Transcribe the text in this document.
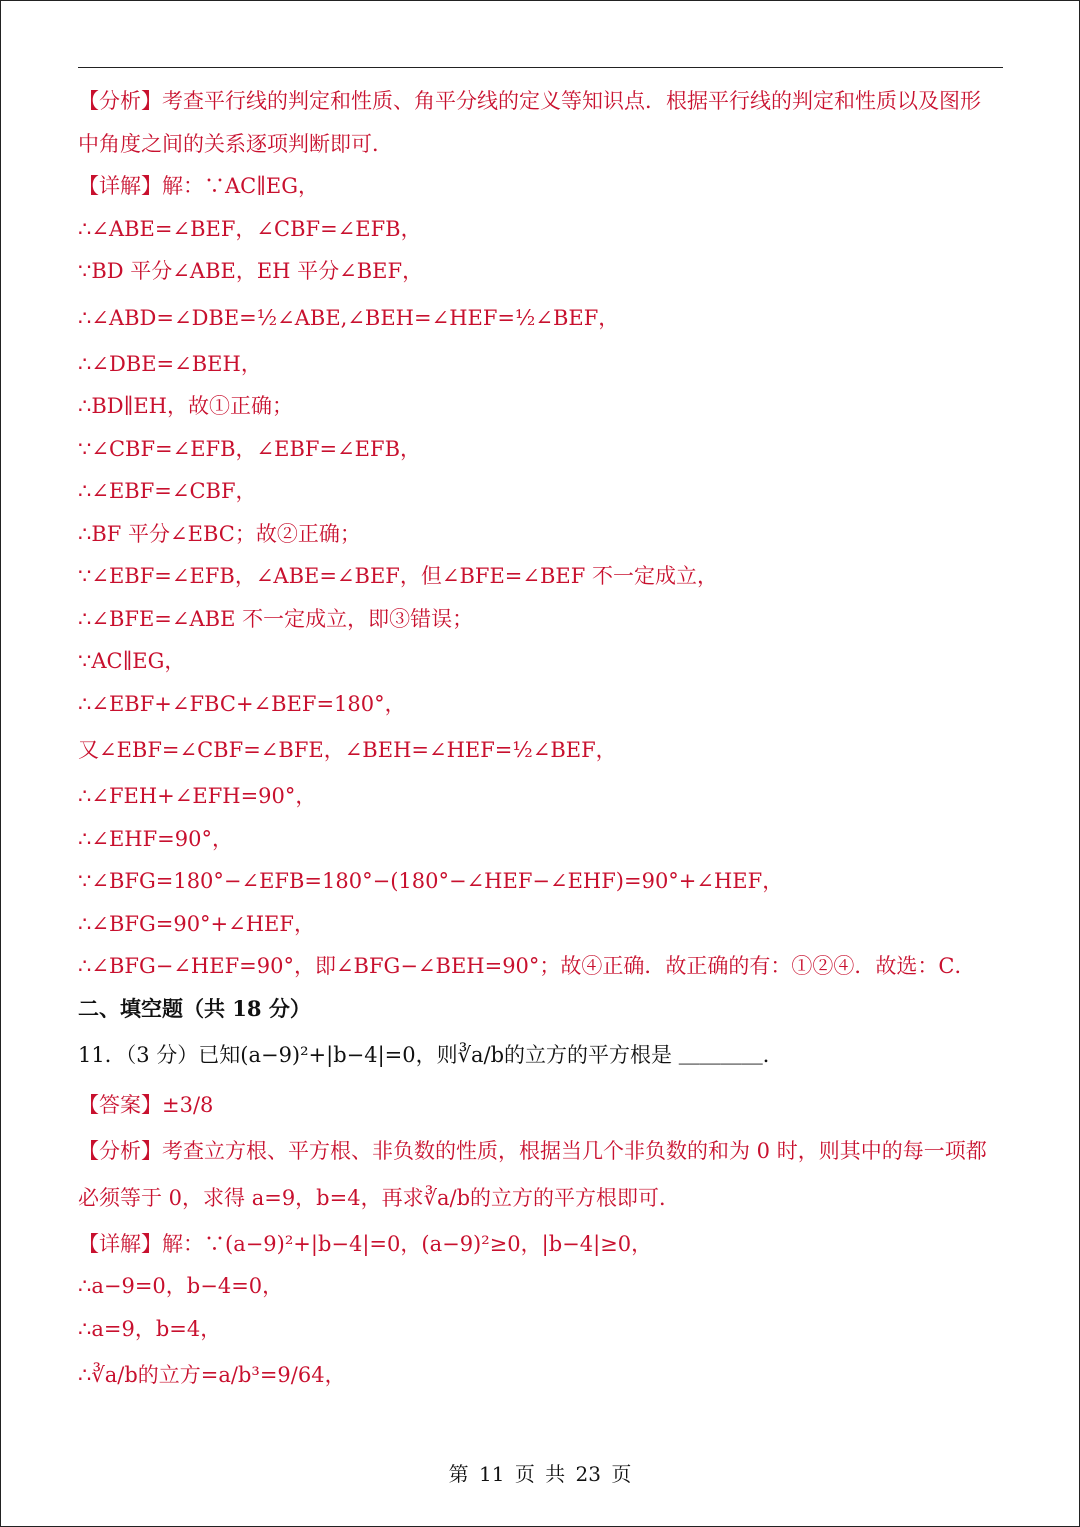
【分析】考查平行线的判定和性质、角平分线的定义等知识点．根据平行线的判定和性质以及图形
中角度之间的关系逐项判断即可．
【详解】解：∵AC∥EG，
∴∠ABE=∠BEF，∠CBF=∠EFB，
∵BD 平分∠ABE，EH 平分∠BEF，
∴∠ABD=∠DBE=½∠ABE,∠BEH=∠HEF=½∠BEF，
∴∠DBE=∠BEH，
∴BD∥EH，故①正确；
∵∠CBF=∠EFB，∠EBF=∠EFB，
∴∠EBF=∠CBF，
∴BF 平分∠EBC；故②正确；
∵∠EBF=∠EFB，∠ABE=∠BEF，但∠BFE=∠BEF 不一定成立，
∴∠BFE=∠ABE 不一定成立，即③错误；
∵AC∥EG，
∴∠EBF+∠FBC+∠BEF=180°，
又∠EBF=∠CBF=∠BFE，∠BEH=∠HEF=½∠BEF，
∴∠FEH+∠EFH=90°，
∴∠EHF=90°，
∵∠BFG=180°−∠EFB=180°−(180°−∠HEF−∠EHF)=90°+∠HEF，
∴∠BFG=90°+∠HEF，
∴∠BFG−∠HEF=90°，即∠BFG−∠BEH=90°；故④正确．故正确的有：①②④．故选：C．
二、填空题（共 18 分）
11．（3 分）已知(a−9)²+|b−4|=0，则∛a/b的立方的平方根是 ＿＿＿＿．
【答案】±3/8
【分析】考查立方根、平方根、非负数的性质，根据当几个非负数的和为 0 时，则其中的每一项都
必须等于 0，求得 a=9，b=4，再求∛a/b的立方的平方根即可．
【详解】解：∵(a−9)²+|b−4|=0，(a−9)²≥0，|b−4|≥0，
∴a−9=0，b−4=0，
∴a=9，b=4，
∴∛a/b的立方=a/b³=9/64，
第 11 页 共 23 页
